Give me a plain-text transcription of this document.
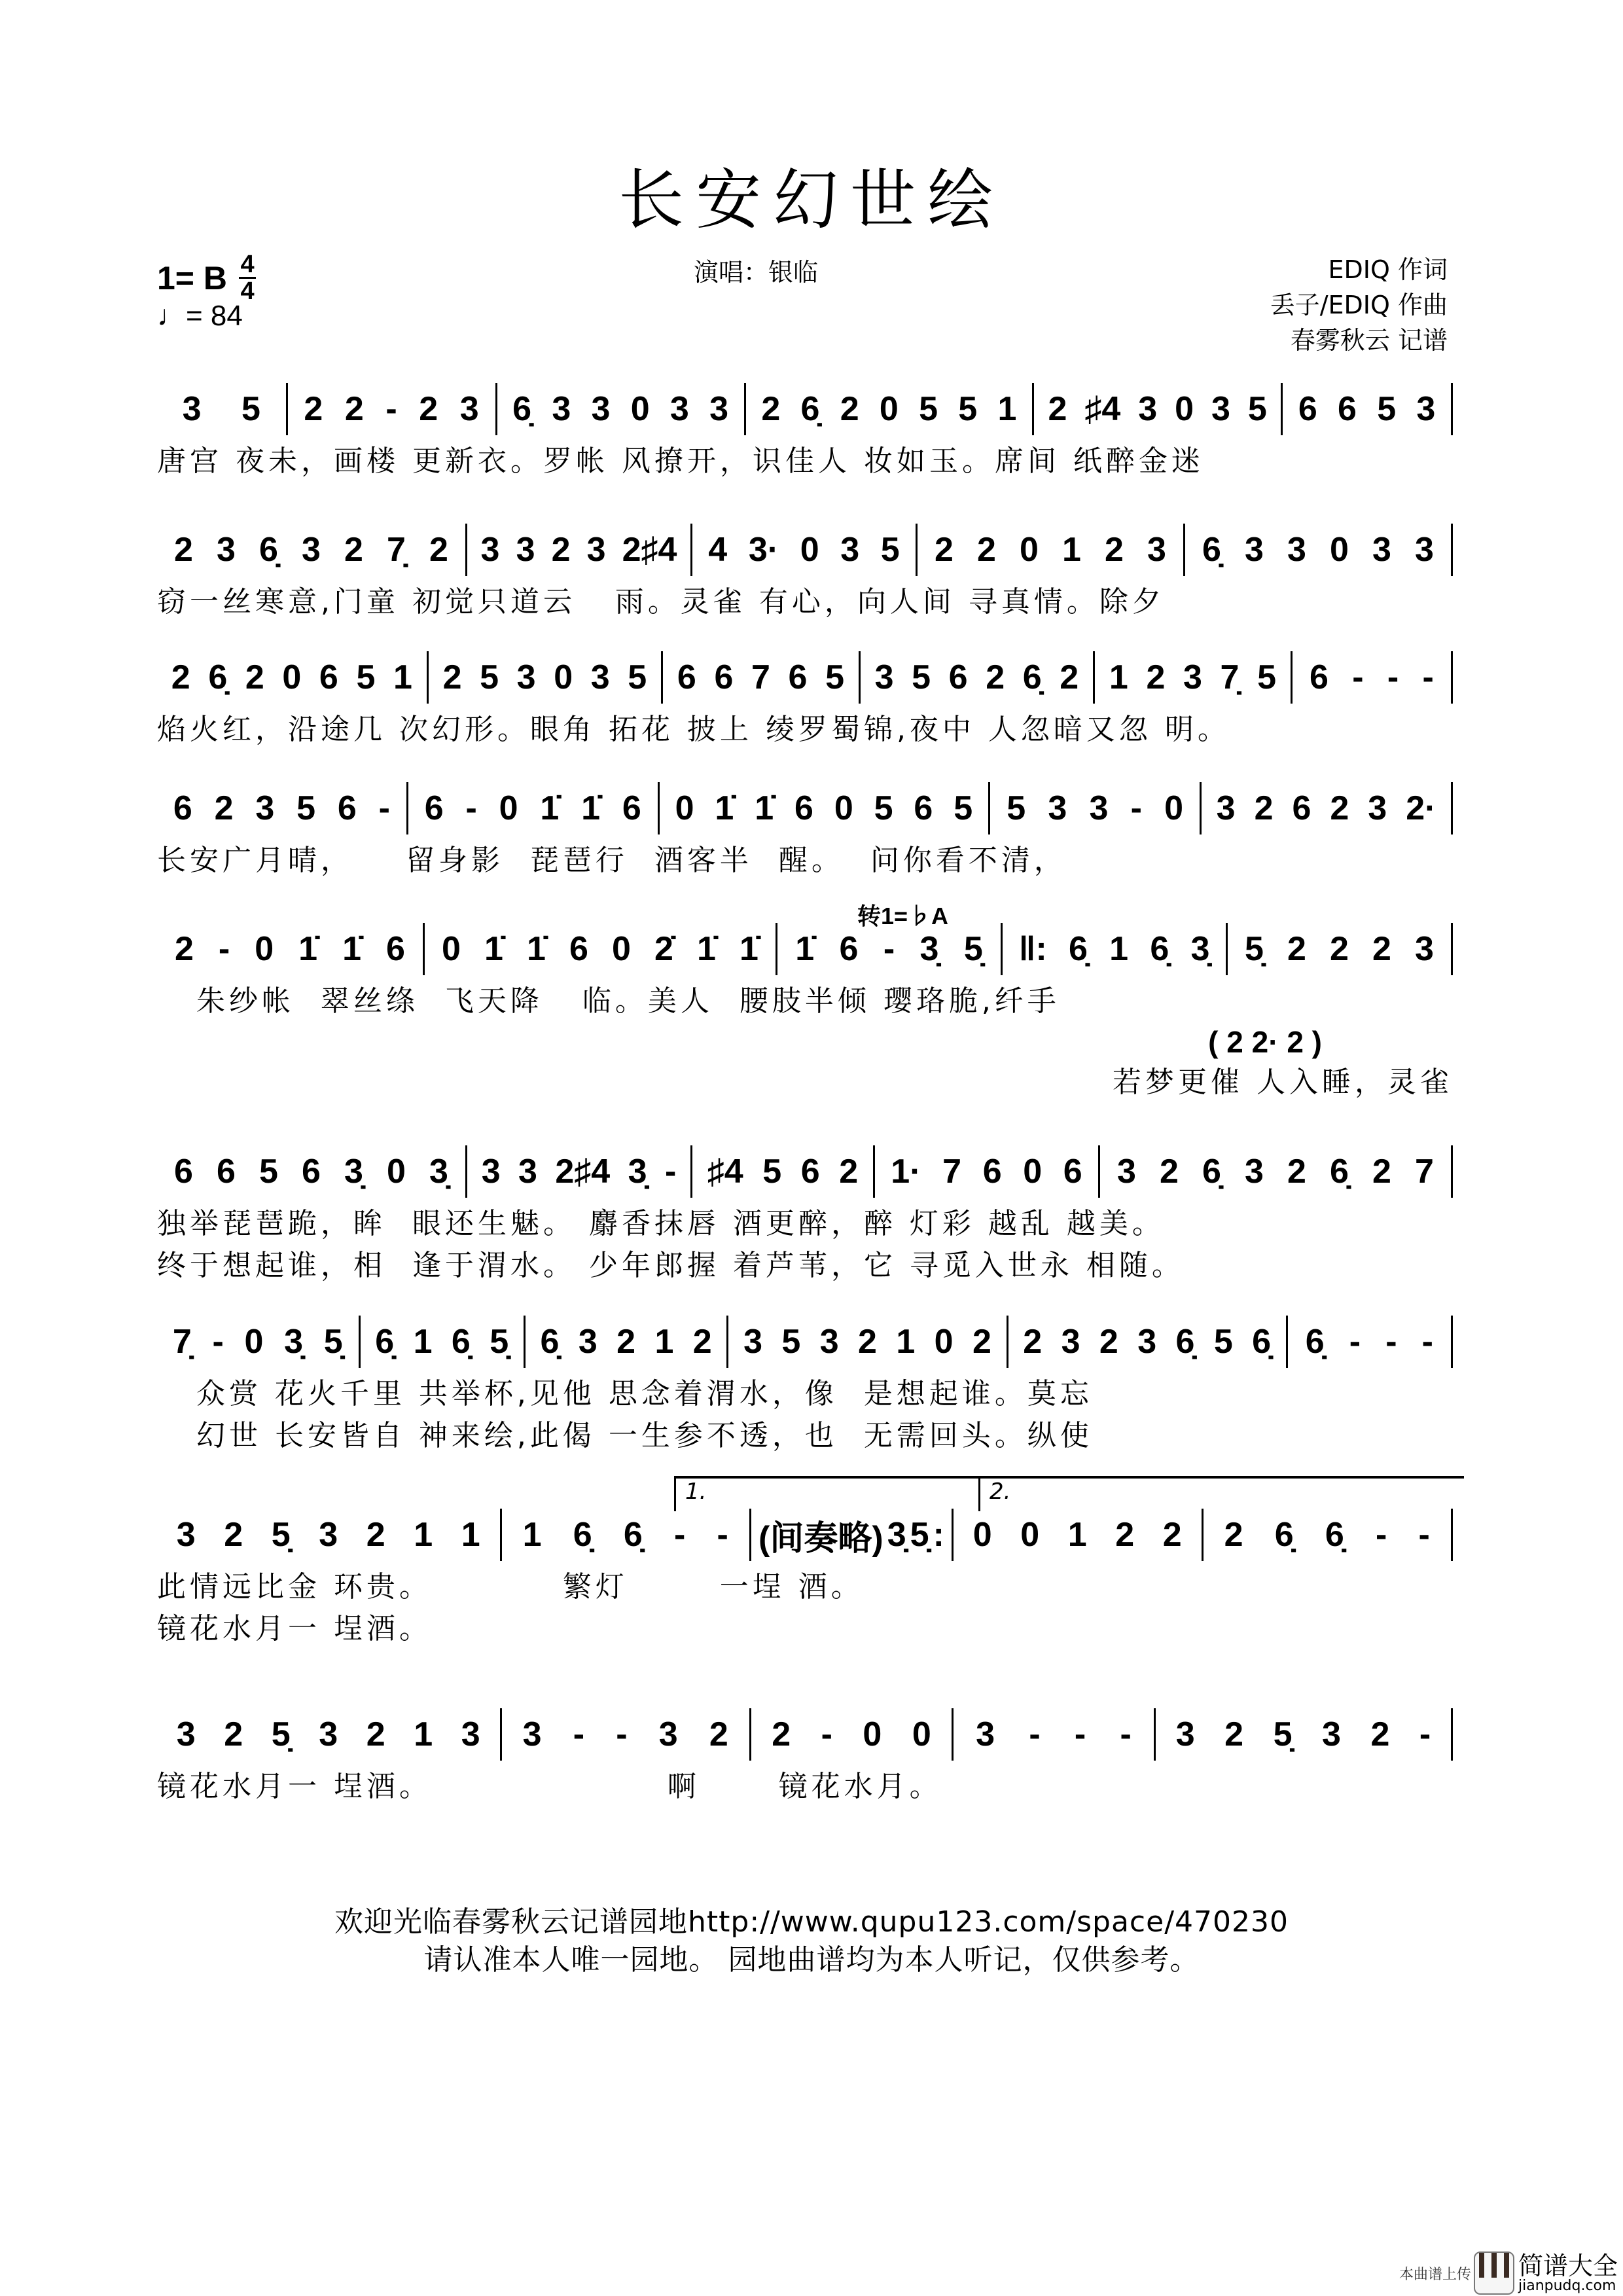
长安幻世绘
1= B $\frac{4}{4}$
♩= 84
演唱：银临	EDIQ 作词
丢子/EDIQ 作曲
春雾秋云 记谱
转1=♭A
1.	2.
3 5 2 2 - 2 3 6̣ 3 3 0 3 3 2 6̣ 2 0 5 5 1 2 ♯4 3 0 3 5 6 6 5 3
唐宫 夜未，画楼 更新衣。罗帐 风撩开，识佳人 妆如玉。席间 纸醉金迷
2 3 6̣ 3 2 7̣ 2 3 3 2 3 2♯4 4 3· 0 3 5 2 2 0 1 2 3 6̣ 3 3 0 3 3
窃一丝寒意,门童 初觉只道云   雨。灵雀 有心，向人间 寻真情。除夕
2 6̣ 2 0 6 5 1 2 5 3 0 3 5 6 6 7 6 5 3 5 6 2 6̣ 2 1 2 3 7̣ 5 6 - - -
焰火红，沿途几 次幻形。眼角 拓花 披上 绫罗蜀锦,夜中 人忽暗又忽 明。
6 2 3 5 6 - 6 - 0 1̇ 1̇ 6 0 1̇ 1̇ 6 0 5 6 5 5 3 3 - 0 3 2 6 2 3 2·
长安广月晴，    留身影  琵琶行  酒客半  醒。  问你看不清，
2 - 0 1̇ 1̇ 6 0 1̇ 1̇ 6 0 2̇ 1̇ 1̇ 1̇ 6 - 3̣ 5̣ ‖: 6̣ 1 6̣ 3̣ 5̣ 2 2 2 3
朱纱帐  翠丝绦  飞天降   临。美人  腰肢半倾 璎珞脆,纤手
( 2 2· 2 )
若梦更催 人入睡，灵雀
6 6 5 6 3̣ 0 3̣ 3 3 2♯4 3̣ - ♯4 5 6 2 1· 7 6 0 6 3 2 6̣ 3 2 6̣ 2 7
独举琵琶跪，眸  眼还生魅。 麝香抹唇 酒更醉，醉 灯彩 越乱 越美。
终于想起谁，相  逢于渭水。 少年郎握 着芦苇，它 寻觅入世永 相随。
7̣ - 0 3̣ 5̣ 6̣ 1 6̣ 5̣ 6̣ 3 2 1 2 3 5 3 2 1 0 2 2 3 2 3 6̣ 5 6̣ 6̣ - - -
众赏 花火千里 共举杯,见他 思念着渭水，像  是想起谁。莫忘
幻世 长安皆自 神来绘,此偈 一生参不透，也  无需回头。纵使
3 2 5̣ 3 2 1 1 1 6̣ 6̣ - - (间奏略) 3̣ 5̣ : 0 0 1 2 2 2 6̣ 6̣ - -
此情远比金 环贵。          繁灯       一埕 酒。
镜花水月一 埕酒。
3 2 5̣ 3 2 1 3 3 - - 3 2 2 - 0 0 3 - - - 3 2 5̣ 3 2 -
镜花水月一 埕酒。                  啊      镜花水月。
欢迎光临春雾秋云记谱园地http://www.qupu123.com/space/470230
请认准本人唯一园地。 园地曲谱均为本人听记，仅供参考。
本曲谱上传 简谱大全
jianpudq.com
